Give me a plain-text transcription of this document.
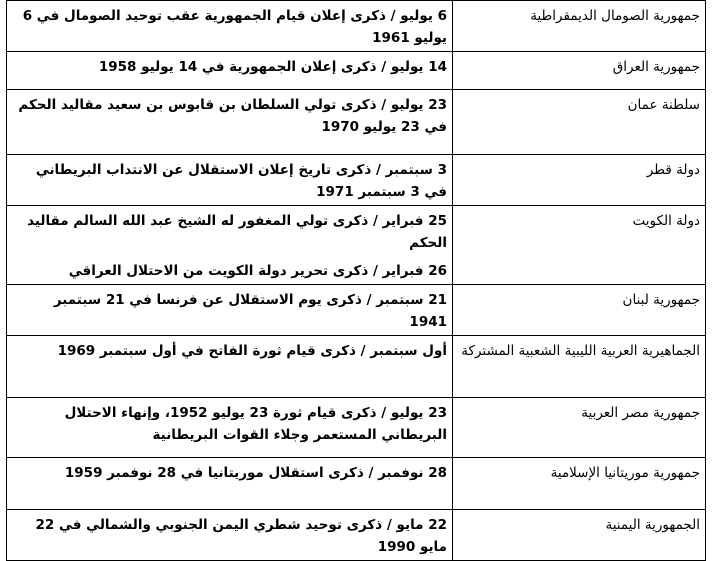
جمهورية الصومال الديمقراطية	6 يوليو / ذكرى إعلان قيام الجمهورية عقب توحيد الصومال في 6 يوليو 1961

جمهورية العراق	14 يوليو / ذكرى إعلان الجمهورية في 14 يوليو 1958

سلطنة عمان	23 يوليو / ذكرى تولي السلطان بن قابوس بن سعيد مقاليد الحكم في 23 يوليو 1970

دولة قطر	3 سبتمبر / ذكرى تاريخ إعلان الاستقلال عن الانتداب البريطاني في 3 سبتمبر 1971

دولة الكويت	25 فبراير / ذكرى تولي المغفور له الشيخ عبد الله السالم مقاليد الحكم
26 فبراير / ذكرى تحرير دولة الكويت من الاحتلال العراقي

جمهورية لبنان	21 سبتمبر / ذكرى يوم الاستقلال عن فرنسا في 21 سبتمبر 1941

الجماهيرية العربية الليبية الشعبية المشتركة	أول سبتمبر / ذكرى قيام ثورة الفاتح في أول سبتمبر 1969

جمهورية مصر العربية	23 يوليو / ذكرى قيام ثورة 23 يوليو 1952، وإنهاء الاحتلال البريطاني المستعمر وجلاء القوات البريطانية

جمهورية موريتانيا الإسلامية	28 نوفمبر / ذكرى استقلال موريتانيا في 28 نوفمبر 1959

الجمهورية اليمنية	22 مايو / ذكرى توحيد شطري اليمن الجنوبي والشمالي في 22 مايو 1990
